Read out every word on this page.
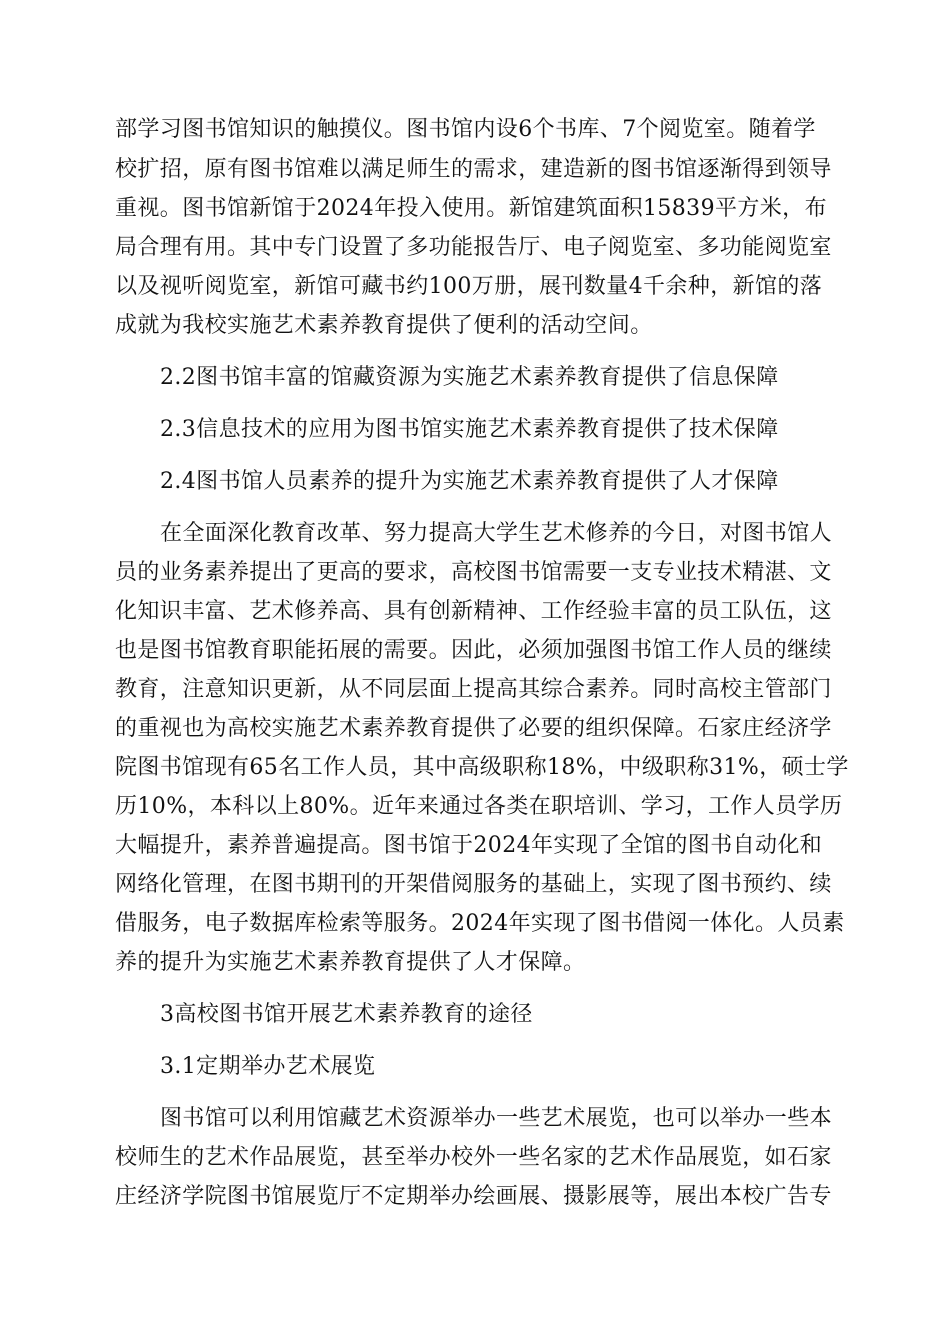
部学习图书馆知识的触摸仪。图书馆内设6个书库、7个阅览室。随着学
校扩招，原有图书馆难以满足师生的需求，建造新的图书馆逐渐得到领导
重视。图书馆新馆于2024年投入使用。新馆建筑面积15839平方米，布
局合理有用。其中专门设置了多功能报告厅、电子阅览室、多功能阅览室
以及视听阅览室，新馆可藏书约100万册，展刊数量4千余种，新馆的落
成就为我校实施艺术素养教育提供了便利的活动空间。
2.2图书馆丰富的馆藏资源为实施艺术素养教育提供了信息保障
2.3信息技术的应用为图书馆实施艺术素养教育提供了技术保障
2.4图书馆人员素养的提升为实施艺术素养教育提供了人才保障
在全面深化教育改革、努力提高大学生艺术修养的今日，对图书馆人
员的业务素养提出了更高的要求，高校图书馆需要一支专业技术精湛、文
化知识丰富、艺术修养高、具有创新精神、工作经验丰富的员工队伍，这
也是图书馆教育职能拓展的需要。因此，必须加强图书馆工作人员的继续
教育，注意知识更新，从不同层面上提高其综合素养。同时高校主管部门
的重视也为高校实施艺术素养教育提供了必要的组织保障。石家庄经济学
院图书馆现有65名工作人员，其中高级职称18%，中级职称31%，硕士学
历10%，本科以上80%。近年来通过各类在职培训、学习，工作人员学历
大幅提升，素养普遍提高。图书馆于2024年实现了全馆的图书自动化和
网络化管理，在图书期刊的开架借阅服务的基础上，实现了图书预约、续
借服务，电子数据库检索等服务。2024年实现了图书借阅一体化。人员素
养的提升为实施艺术素养教育提供了人才保障。
3高校图书馆开展艺术素养教育的途径
3.1定期举办艺术展览
图书馆可以利用馆藏艺术资源举办一些艺术展览，也可以举办一些本
校师生的艺术作品展览，甚至举办校外一些名家的艺术作品展览，如石家
庄经济学院图书馆展览厅不定期举办绘画展、摄影展等，展出本校广告专
